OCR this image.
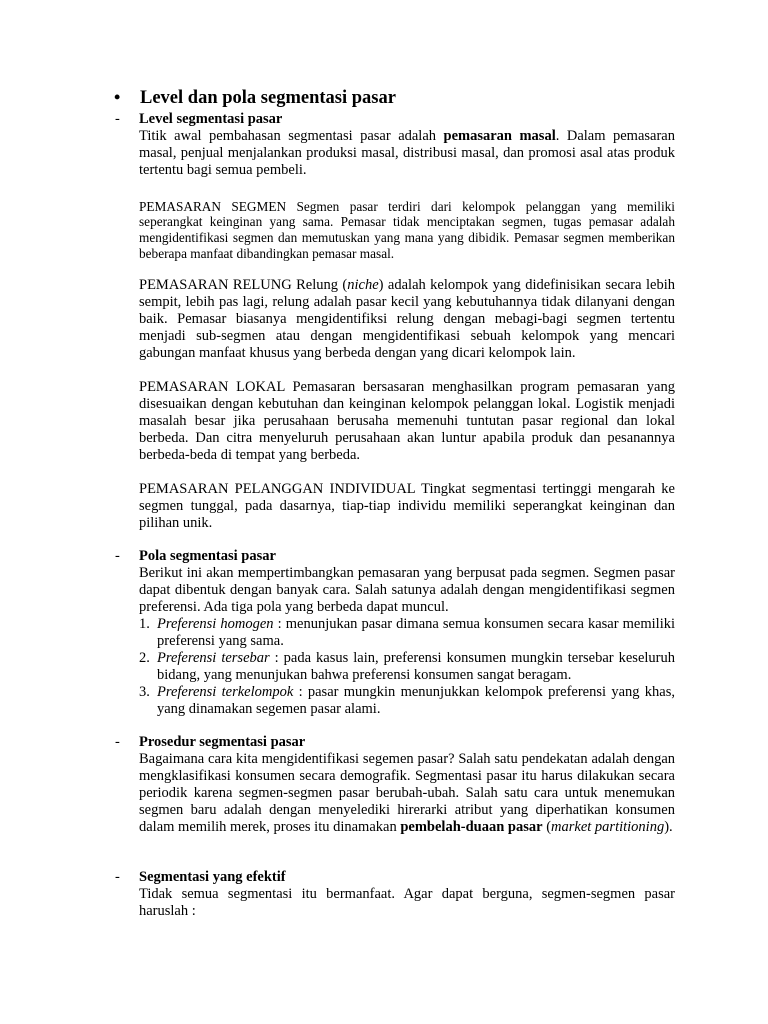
• Level dan pola segmentasi pasar
- Level segmentasi pasar

Titik awal pembahasan segmentasi pasar adalah pemasaran masal. Dalam pemasaran masal, penjual menjalankan produksi masal, distribusi masal, dan promosi asal atas produk tertentu bagi semua pembeli.

PEMASARAN SEGMEN Segmen pasar terdiri dari kelompok pelanggan yang memiliki seperangkat keinginan yang sama. Pemasar tidak menciptakan segmen, tugas pemasar adalah mengidentifikasi segmen dan memutuskan yang mana yang dibidik. Pemasar segmen memberikan beberapa manfaat dibandingkan pemasar masal.

PEMASARAN RELUNG Relung (niche) adalah kelompok yang didefinisikan secara lebih sempit, lebih pas lagi, relung adalah pasar kecil yang kebutuhannya tidak dilanyani dengan baik. Pemasar biasanya mengidentifiksi relung dengan mebagi-bagi segmen tertentu menjadi sub-segmen atau dengan mengidentifikasi sebuah kelompok yang mencari gabungan manfaat khusus yang berbeda dengan yang dicari kelompok lain.

PEMASARAN LOKAL Pemasaran bersasaran menghasilkan program pemasaran yang disesuaikan dengan kebutuhan dan keinginan kelompok pelanggan lokal. Logistik menjadi masalah besar jika perusahaan berusaha memenuhi tuntutan pasar regional dan lokal berbeda. Dan citra menyeluruh perusahaan akan luntur apabila produk dan pesanannya berbeda-beda di tempat yang berbeda.

PEMASARAN PELANGGAN INDIVIDUAL Tingkat segmentasi tertinggi mengarah ke segmen tunggal, pada dasarnya, tiap-tiap individu memiliki seperangkat keinginan dan pilihan unik.

- Pola segmentasi pasar

Berikut ini akan mempertimbangkan pemasaran yang berpusat pada segmen. Segmen pasar dapat dibentuk dengan banyak cara. Salah satunya adalah dengan mengidentifikasi segmen preferensi. Ada tiga pola yang berbeda dapat muncul.

1. Preferensi homogen : menunjukan pasar dimana semua konsumen secara kasar memiliki preferensi yang sama.
2. Preferensi tersebar : pada kasus lain, preferensi konsumen mungkin tersebar keseluruh bidang, yang menunjukan bahwa preferensi konsumen sangat beragam.
3. Preferensi terkelompok : pasar mungkin menunjukkan kelompok preferensi yang khas, yang dinamakan segemen pasar alami.
- Prosedur segmentasi pasar

Bagaimana cara kita mengidentifikasi segemen pasar? Salah satu pendekatan adalah dengan mengklasifikasi konsumen secara demografik. Segmentasi pasar itu harus dilakukan secara periodik karena segmen-segmen pasar berubah-ubah. Salah satu cara untuk menemukan segmen baru adalah dengan menyelediki hirerarki atribut yang diperhatikan konsumen dalam memilih merek, proses itu dinamakan pembelah-duaan pasar (market partitioning).

- Segmentasi yang efektif

Tidak semua segmentasi itu bermanfaat. Agar dapat berguna, segmen-segmen pasar haruslah :
